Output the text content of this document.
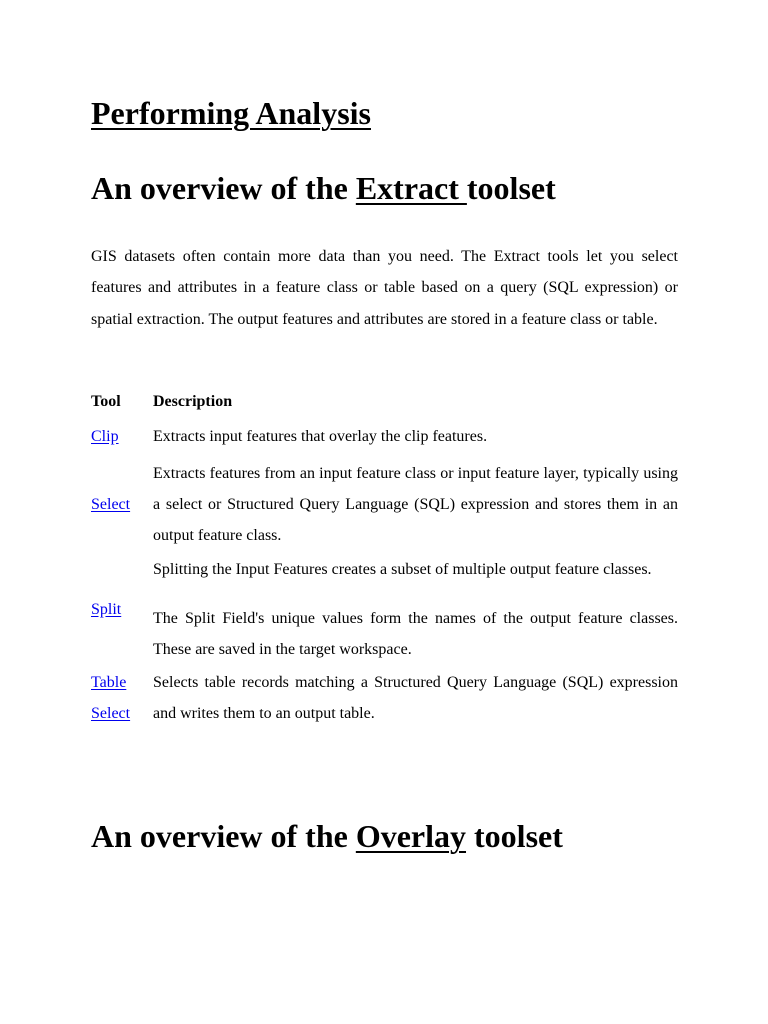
Performing Analysis
An overview of the Extract toolset

GIS datasets often contain more data than you need. The Extract tools let you select features and attributes in a feature class or table based on a query (SQL expression) or spatial extraction. The output features and attributes are stored in a feature class or table.

Tool	Description
Clip	Extracts input features that overlay the clip features.

Select	Extracts features from an input feature class or input feature layer, typically using a select or Structured Query Language (SQL) expression and stores them in an output feature class.

Split	Splitting the Input Features creates a subset of multiple output feature classes.

The Split Field's unique values form the names of the output feature classes. These are saved in the target workspace.

Table Select	Selects table records matching a Structured Query Language (SQL) expression and writes them to an output table.

An overview of the Overlay toolset
